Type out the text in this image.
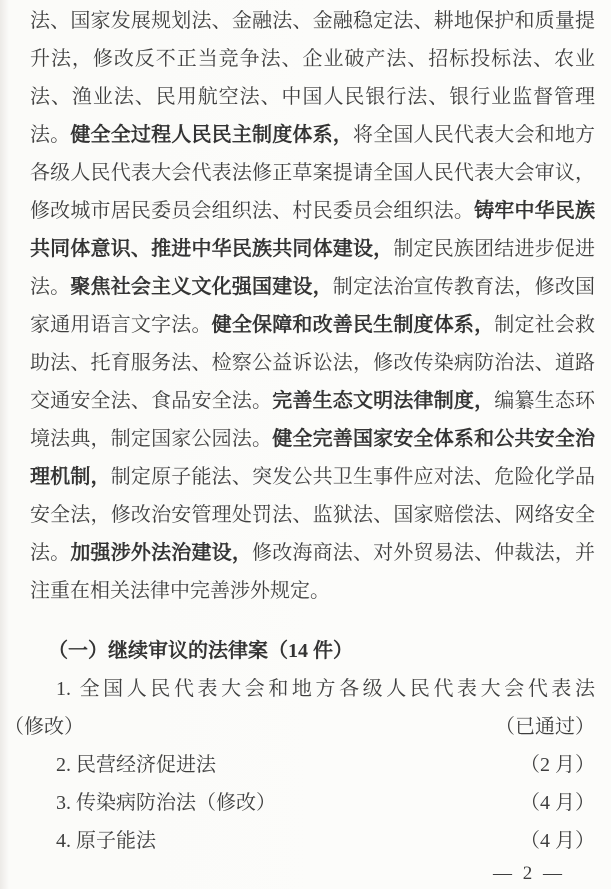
法、国家发展规划法、金融法、金融稳定法、耕地保护和质量提
升法，修改反不正当竞争法、企业破产法、招标投标法、农业
法、渔业法、民用航空法、中国人民银行法、银行业监督管理
法。健全全过程人民民主制度体系，将全国人民代表大会和地方
各级人民代表大会代表法修正草案提请全国人民代表大会审议，
修改城市居民委员会组织法、村民委员会组织法。铸牢中华民族
共同体意识、推进中华民族共同体建设，制定民族团结进步促进
法。聚焦社会主义文化强国建设，制定法治宣传教育法，修改国
家通用语言文字法。健全保障和改善民生制度体系，制定社会救
助法、托育服务法、检察公益诉讼法，修改传染病防治法、道路
交通安全法、食品安全法。完善生态文明法律制度，编纂生态环
境法典，制定国家公园法。健全完善国家安全体系和公共安全治
理机制，制定原子能法、突发公共卫生事件应对法、危险化学品
安全法，修改治安管理处罚法、监狱法、国家赔偿法、网络安全
法。加强涉外法治建设，修改海商法、对外贸易法、仲裁法，并
注重在相关法律中完善涉外规定。
（一）继续审议的法律案（14 件）
1. 全国人民代表大会和地方各级人民代表大会代表法
（修改）	（已通过）
2. 民营经济促进法	（2 月）
3. 传染病防治法（修改）	（4 月）
4. 原子能法	（4 月）
— 2 —
